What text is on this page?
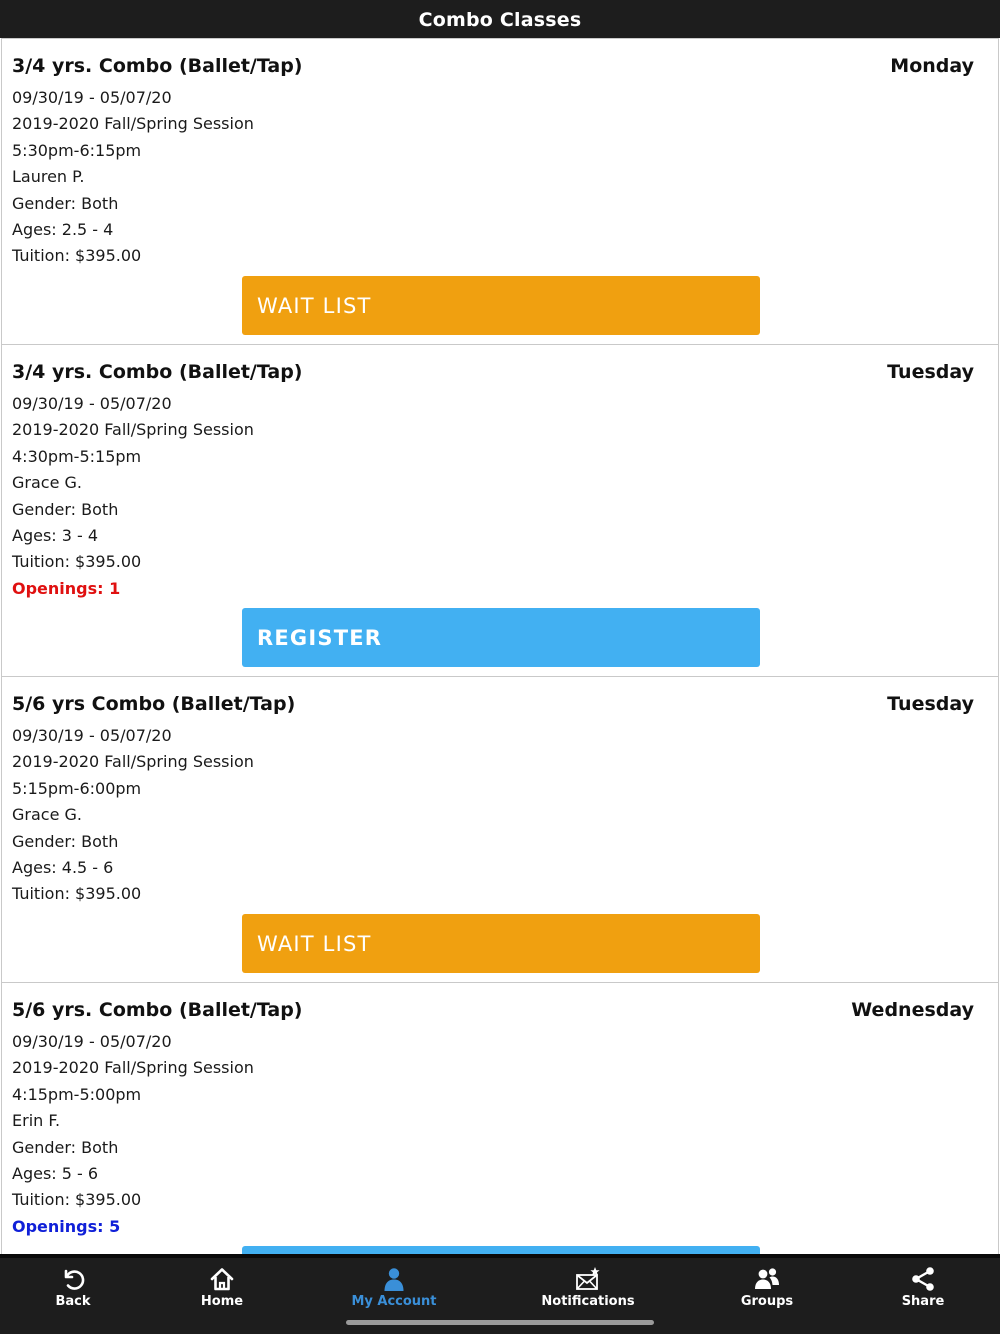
Combo Classes
3/4 yrs. Combo (Ballet/Tap)	Monday
09/30/19 - 05/07/20
2019-2020 Fall/Spring Session
5:30pm-6:15pm
Lauren P.
Gender: Both
Ages: 2.5 - 4
Tuition: $395.00
WAIT LIST
3/4 yrs. Combo (Ballet/Tap)	Tuesday
09/30/19 - 05/07/20
2019-2020 Fall/Spring Session
4:30pm-5:15pm
Grace G.
Gender: Both
Ages: 3 - 4
Tuition: $395.00
Openings: 1
REGISTER
5/6 yrs Combo (Ballet/Tap)	Tuesday
09/30/19 - 05/07/20
2019-2020 Fall/Spring Session
5:15pm-6:00pm
Grace G.
Gender: Both
Ages: 4.5 - 6
Tuition: $395.00
WAIT LIST
5/6 yrs. Combo (Ballet/Tap)	Wednesday
09/30/19 - 05/07/20
2019-2020 Fall/Spring Session
4:15pm-5:00pm
Erin F.
Gender: Both
Ages: 5 - 6
Tuition: $395.00
Openings: 5
Back	Home	My Account	Notifications	Groups	Share
